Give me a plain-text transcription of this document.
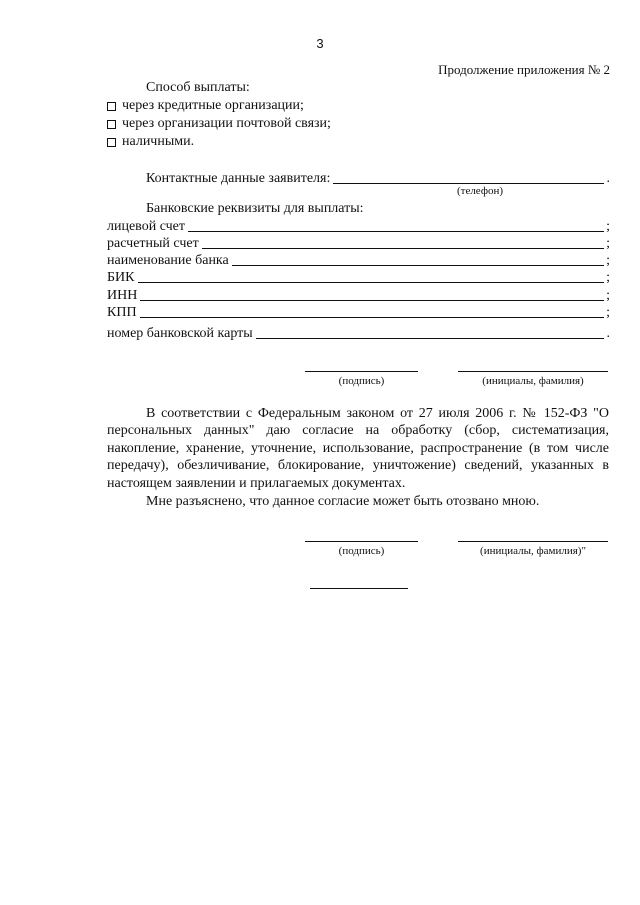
3
Продолжение приложения № 2
Способ выплаты:
через кредитные организации;
через организации почтовой связи;
наличными.
Контактные данные заявителя:	.
(телефон)
Банковские реквизиты для выплаты:
лицевой счет	;
расчетный счет	;
наименование банка	;
БИК	;
ИНН	;
КПП	;
номер банковской карты	.
(подпись)	(инициалы, фамилия)
В соответствии с Федеральным законом от 27 июля 2006 г. № 152-ФЗ "О персональных данных" даю согласие на обработку (сбор, систематизация, накопление, хранение, уточнение, использование, распространение (в том числе передачу), обезличивание, блокирование, уничтожение) сведений, указанных в настоящем заявлении и прилагаемых документах.
Мне разъяснено, что данное согласие может быть отозвано мною.
(подпись)	(инициалы, фамилия)"
